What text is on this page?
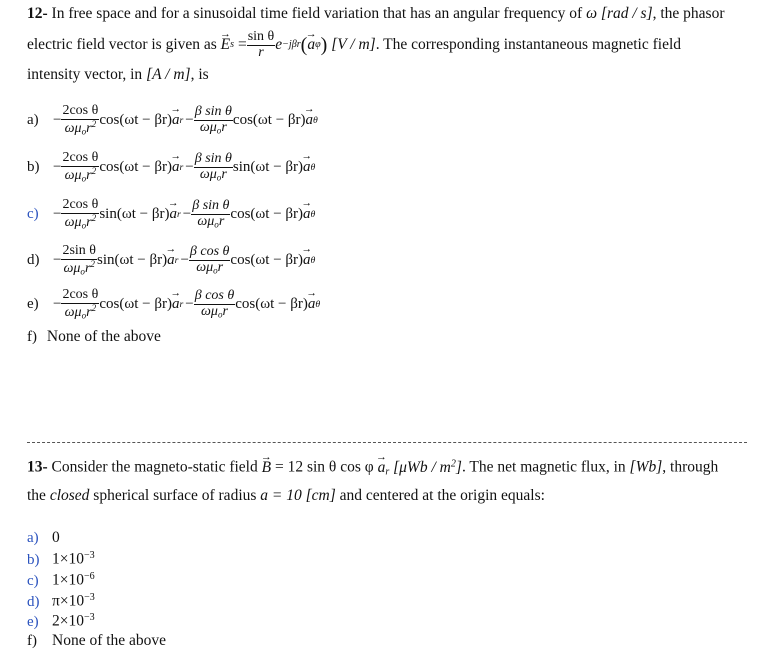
12- In free space and for a sinusoidal time field variation that has an angular frequency of ω [rad / s], the phasor
electric field vector is given as

→ E s
= $\frac{\text{sin θ}}{r}$ e −jβr (
→ a φ )
[V / m] . The corresponding instantaneous magnetic field
intensity vector, in [A / m], is
$a) - \frac{\text{2cos θ}}{\omega\mu_or^2} \cos(\omega t - \beta r)$
→ a $r - \frac{\text{β sin θ}}{\omega\mu_or} \cos(\omega t - \beta r)$
→ a θ
$b) - \frac{\text{2cos θ}}{\omega\mu_or^2} \cos(\omega t - \beta r)$
→ a $r - \frac{\text{β sin θ}}{\omega\mu_or} \sin(\omega t - \beta r)$
→ a θ
$c) - \frac{\text{2cos θ}}{\omega\mu_or^2} \sin(\omega t - \beta r)$
→ a $r - \frac{\text{β sin θ}}{\omega\mu_or} \cos(\omega t - \beta r)$
→ a θ
$d) - \frac{\text{2sin θ}}{\omega\mu_or^2} \sin(\omega t - \beta r)$
→ a $r - \frac{\text{β cos θ}}{\omega\mu_or} \cos(\omega t - \beta r)$
→ a θ
$e) - \frac{\text{2cos θ}}{\omega\mu_or^2} \cos(\omega t - \beta r)$
→ a $r - \frac{\text{β cos θ}}{\omega\mu_or} \cos(\omega t - \beta r)$
→ a θ
f) None of the above
13- Consider the magneto-static field → B = 12 sin θ $\cos \varphi \to a_r$ $[\mu Wb / m^2]$. The net magnetic flux, in [Wb], through
the closed spherical surface of radius a = 10 [cm] and centered at the origin equals:
a) 0
b) $1\times 10^{-3}$
c) $1\times 10^{-6}$
d) $\pi\times 10^{-3}$
e) $2\times 10^{-3}$
f) None of the above
